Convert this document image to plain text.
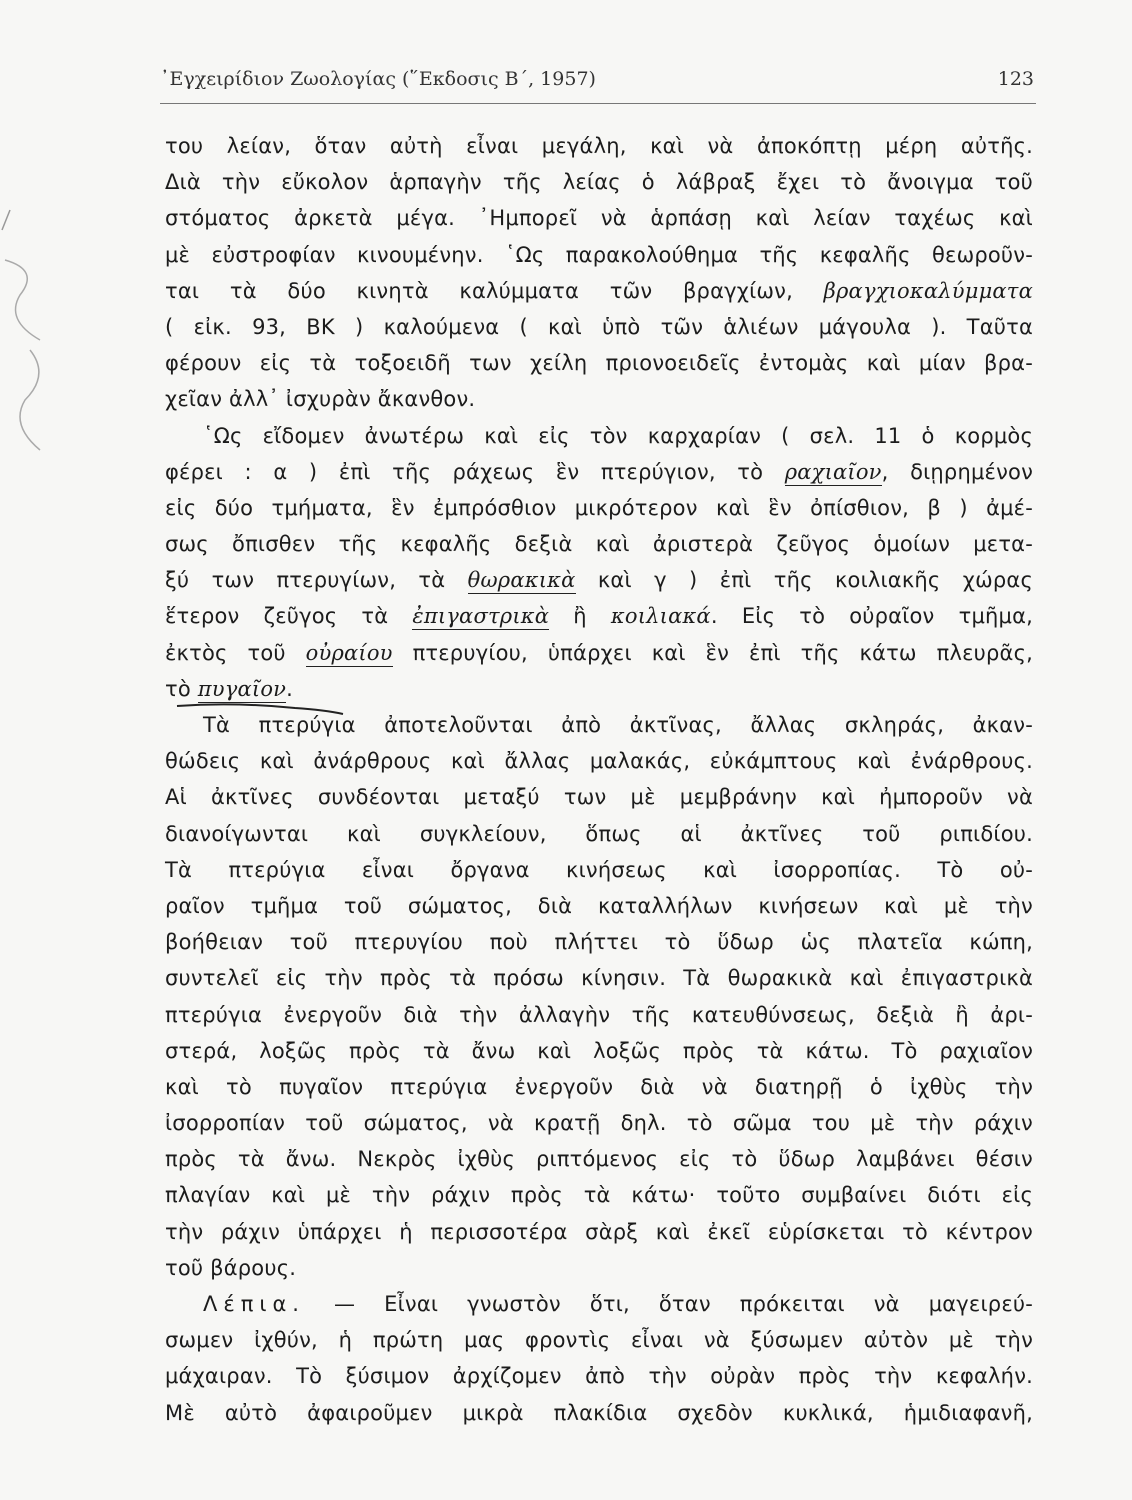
᾿Εγχειρίδιον Ζωολογίας (῞Εκδοσις Β΄, 1957)	123
του λείαν, ὅταν αὐτὴ εἶναι μεγάλη, καὶ νὰ ἀποκόπτῃ μέρη αὐτῆς.
Διὰ τὴν εὔκολον ἁρπαγὴν τῆς λείας ὁ λάβραξ ἔχει τὸ ἄνοιγμα τοῦ
στόματος ἀρκετὰ μέγα. ᾿Ημπορεῖ νὰ ἁρπάσῃ καὶ λείαν ταχέως καὶ
μὲ εὐστροφίαν κινουμένην. ῾Ως παρακολούθημα τῆς κεφαλῆς θεωροῦν-
ται τὰ δύο κινητὰ καλύμματα τῶν βραγχίων, βραγχιοκαλύμματα
( εἰκ. 93, ΒΚ ) καλούμενα ( καὶ ὑπὸ τῶν ἁλιέων μάγουλα ). Ταῦτα
φέρουν εἰς τὰ τοξοειδῆ των χείλη πριονοειδεῖς ἐντομὰς καὶ μίαν βρα-
χεῖαν ἀλλ᾿ ἰσχυρὰν ἄκανθον.
῾Ως εἴδομεν ἀνωτέρω καὶ εἰς τὸν καρχαρίαν ( σελ. 11 ὁ κορμὸς
φέρει : α ) ἐπὶ τῆς ράχεως ἓν πτερύγιον, τὸ ραχιαῖον, διῃρημένον
εἰς δύο τμήματα, ἓν ἐμπρόσθιον μικρότερον καὶ ἓν ὀπίσθιον, β ) ἀμέ-
σως ὄπισθεν τῆς κεφαλῆς δεξιὰ καὶ ἀριστερὰ ζεῦγος ὁμοίων μετα-
ξύ των πτερυγίων, τὰ θωρακικὰ καὶ γ ) ἐπὶ τῆς κοιλιακῆς χώρας
ἕτερον ζεῦγος τὰ ἐπιγαστρικὰ ἢ κοιλιακά. Εἰς τὸ οὐραῖον τμῆμα,
ἐκτὸς τοῦ οὐραίου πτερυγίου, ὑπάρχει καὶ ἓν ἐπὶ τῆς κάτω πλευρᾶς,
τὸ πυγαῖον.
Τὰ πτερύγια ἀποτελοῦνται ἀπὸ ἀκτῖνας, ἄλλας σκληράς, ἀκαν-
θώδεις καὶ ἀνάρθρους καὶ ἄλλας μαλακάς, εὐκάμπτους καὶ ἐνάρθρους.
Αἱ ἀκτῖνες συνδέονται μεταξύ των μὲ μεμβράνην καὶ ἠμποροῦν νὰ
διανοίγωνται καὶ συγκλείουν, ὅπως αἱ ἀκτῖνες τοῦ ριπιδίου.
Τὰ πτερύγια εἶναι ὄργανα κινήσεως καὶ ἰσορροπίας. Τὸ οὐ-
ραῖον τμῆμα τοῦ σώματος, διὰ καταλλήλων κινήσεων καὶ μὲ τὴν
βοήθειαν τοῦ πτερυγίου ποὺ πλήττει τὸ ὕδωρ ὡς πλατεῖα κώπη,
συντελεῖ εἰς τὴν πρὸς τὰ πρόσω κίνησιν. Τὰ θωρακικὰ καὶ ἐπιγαστρικὰ
πτερύγια ἐνεργοῦν διὰ τὴν ἀλλαγὴν τῆς κατευθύνσεως, δεξιὰ ἢ ἀρι-
στερά, λοξῶς πρὸς τὰ ἄνω καὶ λοξῶς πρὸς τὰ κάτω. Τὸ ραχιαῖον
καὶ τὸ πυγαῖον πτερύγια ἐνεργοῦν διὰ νὰ διατηρῇ ὁ ἰχθὺς τὴν
ἰσορροπίαν τοῦ σώματος, νὰ κρατῇ δηλ. τὸ σῶμα του μὲ τὴν ράχιν
πρὸς τὰ ἄνω. Νεκρὸς ἰχθὺς ριπτόμενος εἰς τὸ ὕδωρ λαμβάνει θέσιν
πλαγίαν καὶ μὲ τὴν ράχιν πρὸς τὰ κάτω· τοῦτο συμβαίνει διότι εἰς
τὴν ράχιν ὑπάρχει ἡ περισσοτέρα σὰρξ καὶ ἐκεῖ εὑρίσκεται τὸ κέντρον
τοῦ βάρους.
Λέπια. — Εἶναι γνωστὸν ὅτι, ὅταν πρόκειται νὰ μαγειρεύ-
σωμεν ἰχθύν, ἡ πρώτη μας φροντὶς εἶναι νὰ ξύσωμεν αὐτὸν μὲ τὴν
μάχαιραν. Τὸ ξύσιμον ἀρχίζομεν ἀπὸ τὴν οὐρὰν πρὸς τὴν κεφαλήν.
Μὲ αὐτὸ ἀφαιροῦμεν μικρὰ πλακίδια σχεδὸν κυκλικά, ἡμιδιαφανῆ,
